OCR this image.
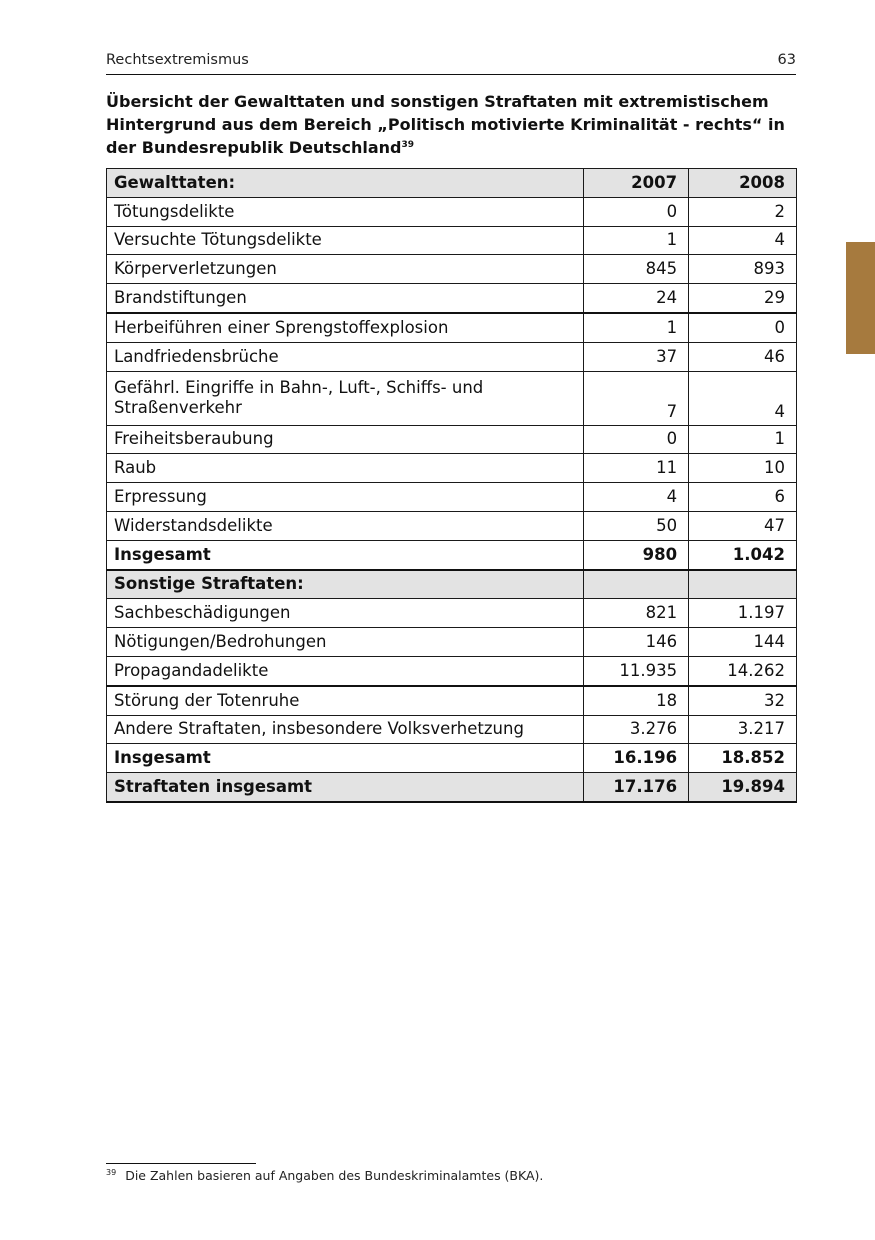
Rechtsextremismus	63
Übersicht der Gewalttaten und sonstigen Straftaten mit extremistischem Hintergrund aus dem Bereich „Politisch motivierte Kriminalität - rechts“ in der Bundesrepublik Deutschland$^{39}$
Gewalttaten:	2007	2008
Tötungsdelikte	0	2
Versuchte Tötungsdelikte	1	4
Körperverletzungen	845	893
Brandstiftungen	24	29
Herbeiführen einer Sprengstoffexplosion	1	0
Landfriedensbrüche	37	46
Gefährl. Eingriffe in Bahn-, Luft-, Schiffs- und Straßenverkehr	7	4
Freiheitsberaubung	0	1
Raub	11	10
Erpressung	4	6
Widerstandsdelikte	50	47
Insgesamt	980	1.042
Sonstige Straftaten:		
Sachbeschädigungen	821	1.197
Nötigungen/Bedrohungen	146	144
Propagandadelikte	11.935	14.262
Störung der Totenruhe	18	32
Andere Straftaten, insbesondere Volksverhetzung	3.276	3.217
Insgesamt	16.196	18.852
Straftaten insgesamt	17.176	19.894
$^{39}$ Die Zahlen basieren auf Angaben des Bundeskriminalamtes (BKA).
